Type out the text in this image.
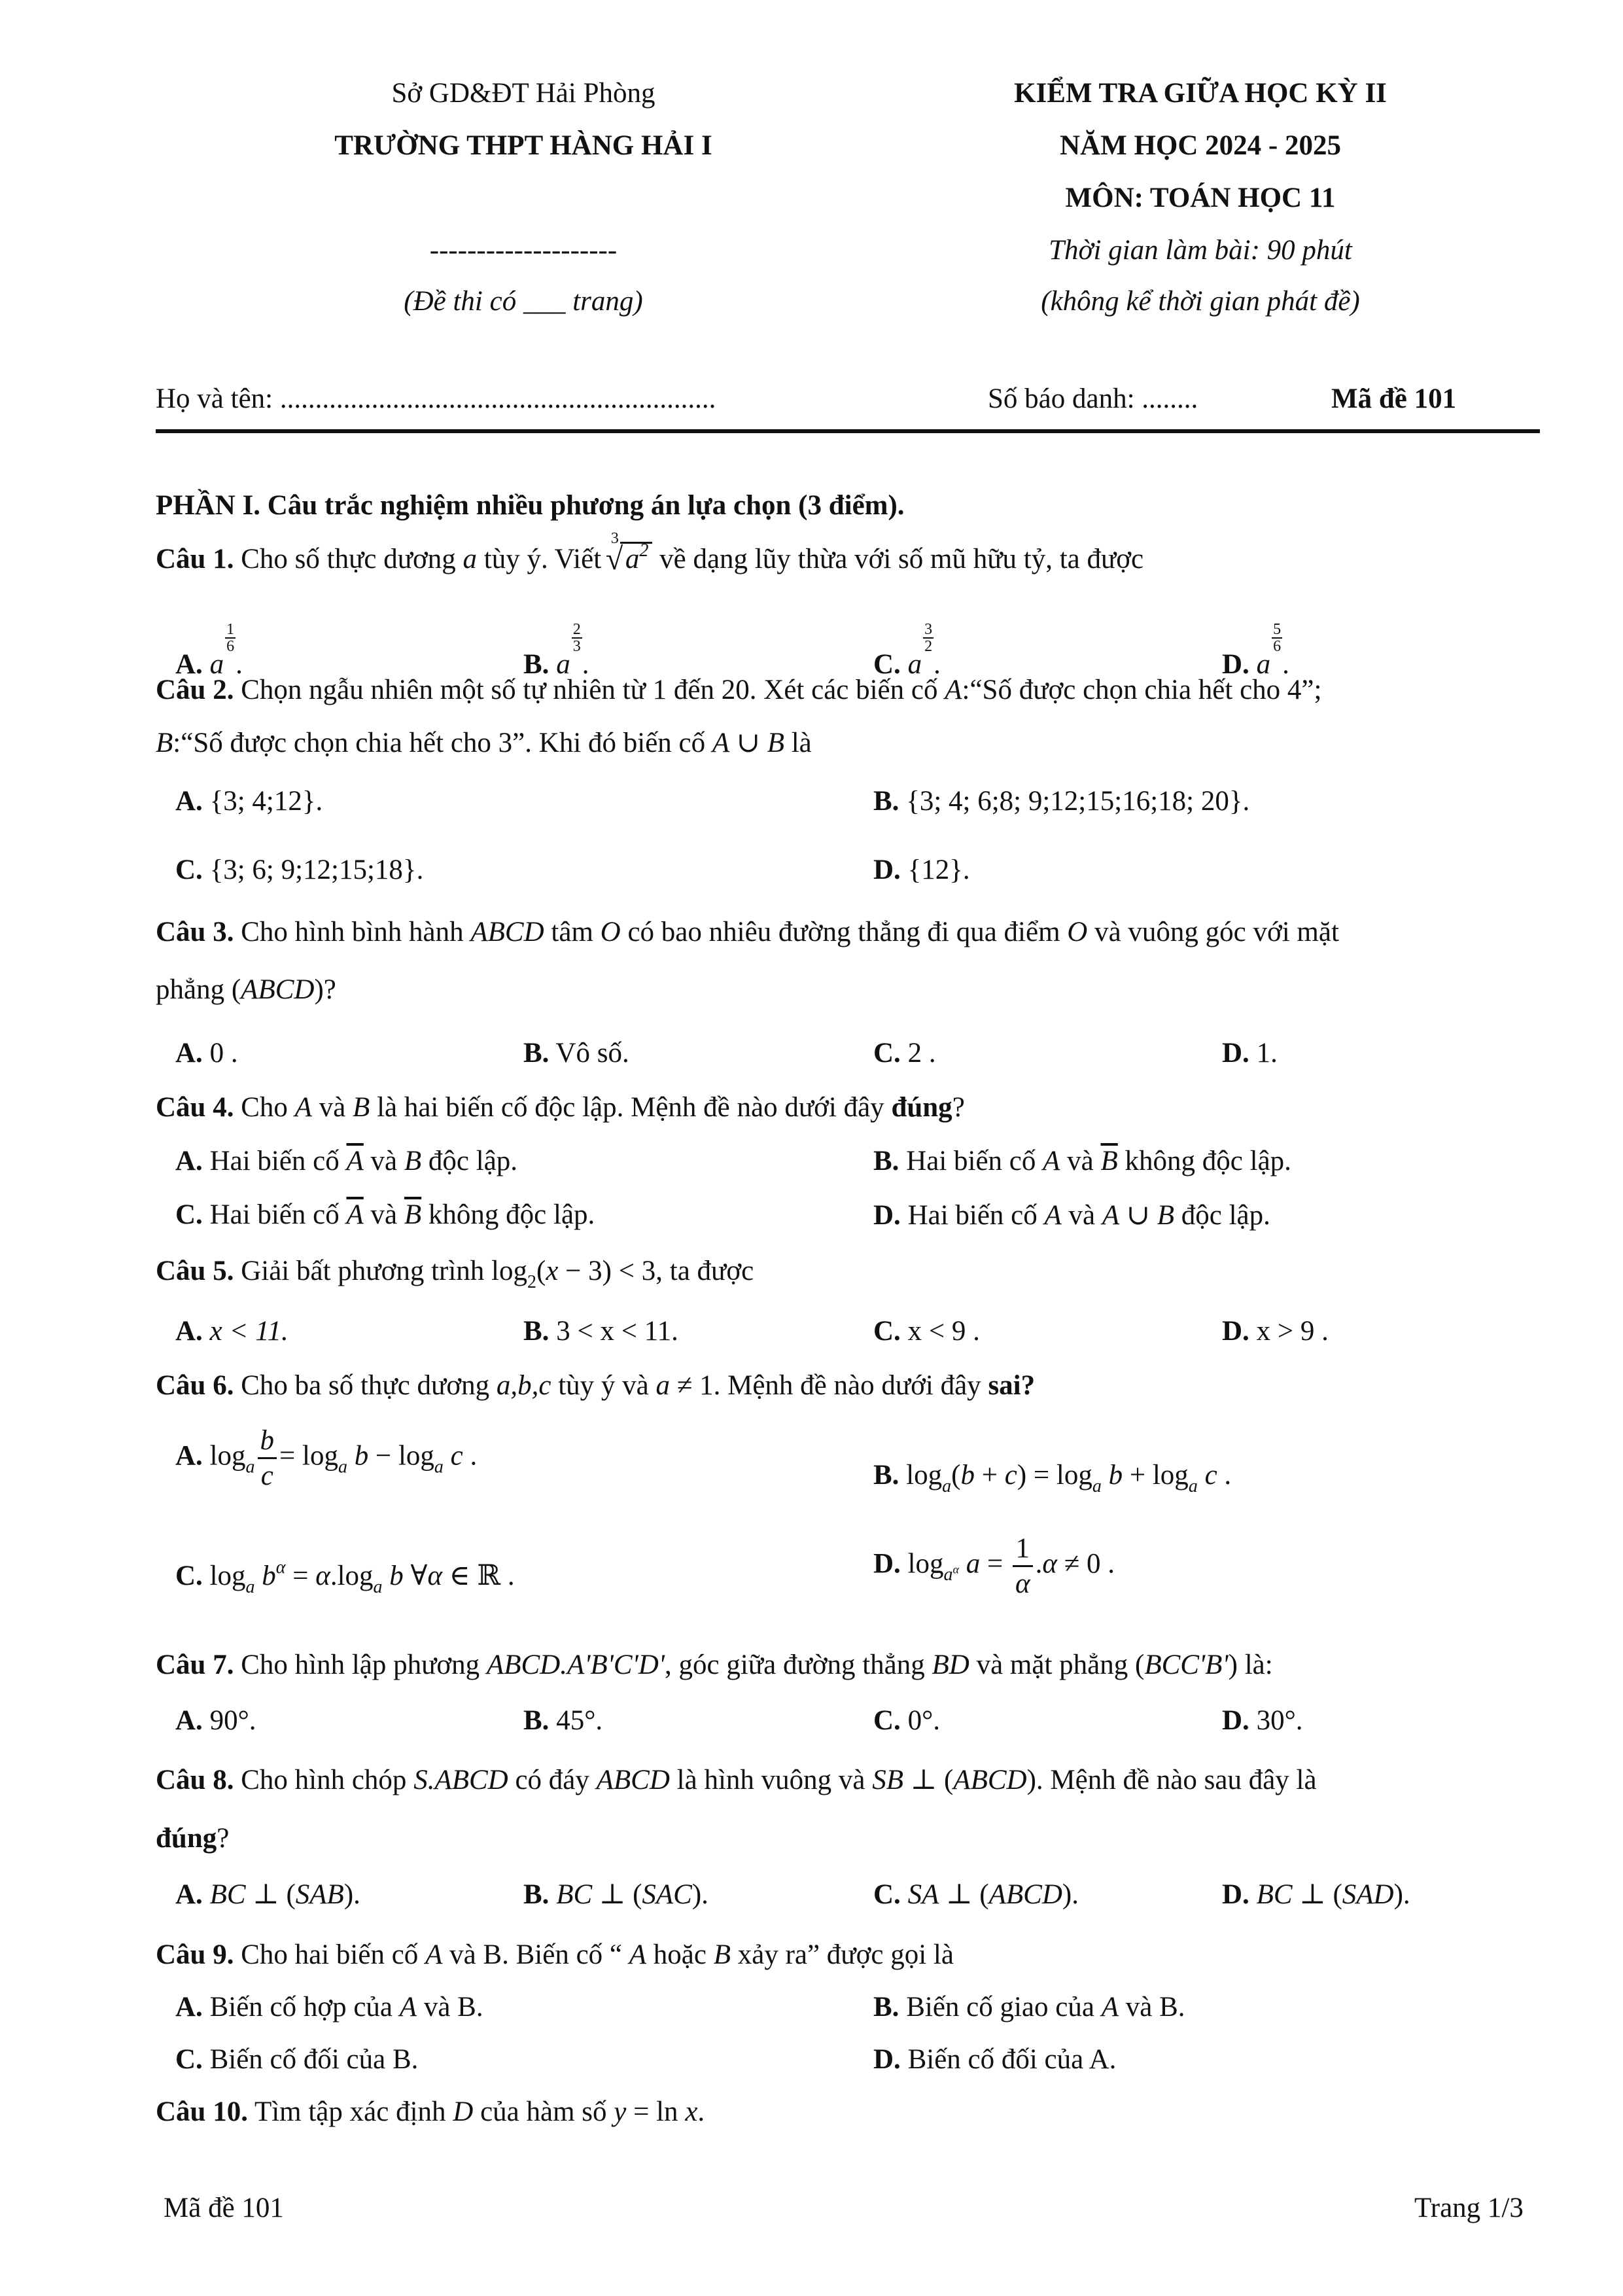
Sở GD&ĐT Hải Phòng
TRƯỜNG THPT HÀNG HẢI I
--------------------
(Đề thi có ___ trang)
KIỂM TRA GIỮA HỌC KỲ II
NĂM HỌC 2024 - 2025
MÔN: TOÁN HỌC 11
Thời gian làm bài: 90 phút
(không kể thời gian phát đề)
Họ và tên: ..............................................................	Số báo danh: ........	Mã đề 101
PHẦN I. Câu trắc nghiệm nhiều phương án lựa chọn (3 điểm).
Câu 1. Cho số thực dương a tùy ý. Viết
3
√ $a^2$ về dạng lũy thừa với số mũ hữu tỷ, ta được
A. a
$\frac{1}{6}$
.	B. a
$\frac{2}{3}$
.	C. a
$\frac{3}{2}$
.	D. a
$\frac{5}{6}$
.
Câu 2. Chọn ngẫu nhiên một số tự nhiên từ 1 đến 20. Xét các biến cố A:“Số được chọn chia hết cho 4”;
B:“Số được chọn chia hết cho 3”. Khi đó biến cố A ∪ B là
A. {3; 4;12}.	B. {3; 4; 6;8; 9;12;15;16;18; 20}.
C. {3; 6; 9;12;15;18}.	D. {12}.
Câu 3. Cho hình bình hành ABCD tâm O có bao nhiêu đường thẳng đi qua điểm O và vuông góc với mặt
phẳng (ABCD)?
A. 0 .	B. Vô số.	C. 2 .	D. 1.
Câu 4. Cho A và B là hai biến cố độc lập. Mệnh đề nào dưới đây đúng?
A. Hai biến cố $\overline{A}$ và B độc lập.	B. Hai biến cố A và $\overline{B}$ không độc lập.
C. Hai biến cố $\overline{A}$ và $\overline{B}$ không độc lập.	D. Hai biến cố A và A ∪ B độc lập.
Câu 5. Giải bất phương trình $\log_2(x - 3) < 3$, ta được
A. x < 11.	B. 3 < x < 11.	C. x < 9 .	D. x > 9 .
Câu 6. Cho ba số thực dương a,b,c tùy ý và a ≠ 1. Mệnh đề nào dưới đây sai?
A. $\log_a \frac{b}{c} = \log_a b - \log_a c$ .
B. $\log_a(b + c) = \log_a b + \log_a c$ .
C. $\log_a b^\alpha = \alpha.\log_a$ b ∀α ∈ ℝ .	D. $\log_{a^\alpha} a = \frac{1}{\alpha} .\alpha \ne 0$ .
Câu 7. Cho hình lập phương ABCD.A'B'C'D', góc giữa đường thẳng BD và mặt phẳng (BCC'B') là:
A. 90°.	B. 45°.	C. 0°.	D. 30°.
Câu 8. Cho hình chóp S.ABCD có đáy ABCD là hình vuông và SB ⊥ (ABCD). Mệnh đề nào sau đây là
đúng?
A. BC ⊥ (SAB).	B. BC ⊥ (SAC).	C. SA ⊥ (ABCD).	D. BC ⊥ (SAD).
Câu 9. Cho hai biến cố A và B. Biến cố “ A hoặc B xảy ra” được gọi là
A. Biến cố hợp của A và B.	B. Biến cố giao của A và B.
C. Biến cố đối của B.	D. Biến cố đối của A.
Câu 10. Tìm tập xác định D của hàm số y = ln x.
Mã đề 101	Trang 1/3
